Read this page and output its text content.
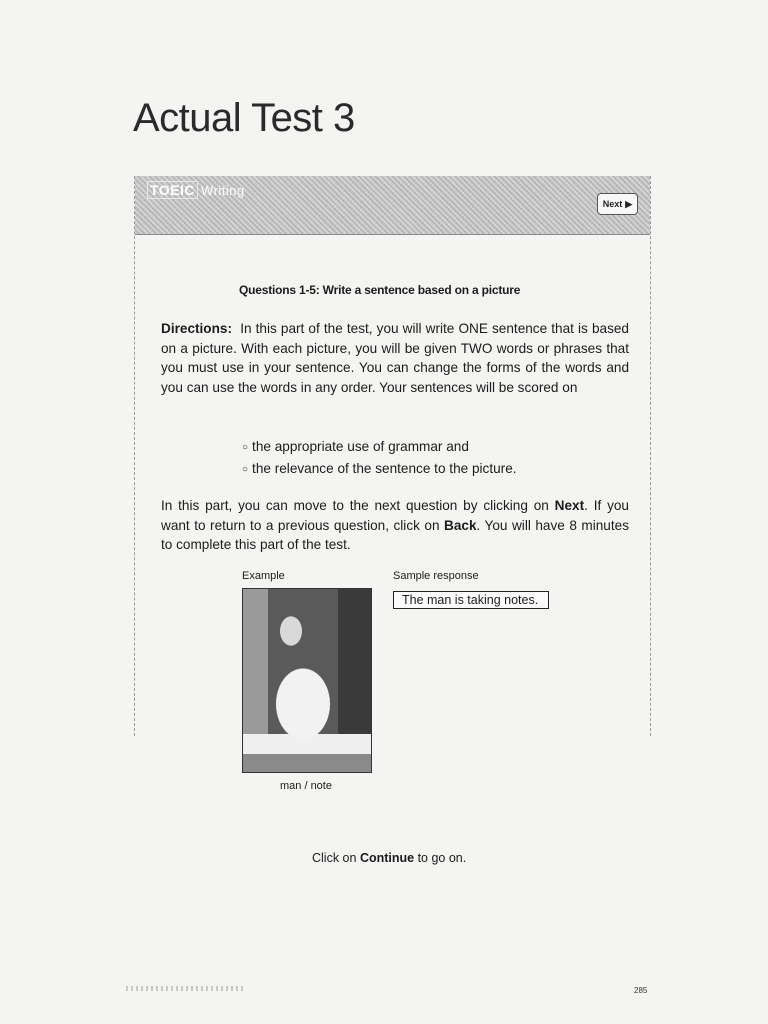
Actual Test 3
TOEIC Writing
Next ▶
Questions 1-5: Write a sentence based on a picture

Directions: In this part of the test, you will write ONE sentence that is based on a picture. With each picture, you will be given TWO words or phrases that you must use in your sentence. You can change the forms of the words and you can use the words in any order. Your sentences will be scored on

○ the appropriate use of grammar and
○ the relevance of the sentence to the picture.

In this part, you can move to the next question by clicking on Next. If you want to return to a previous question, click on Back. You will have 8 minutes to complete this part of the test.

Example	Sample response
man / note
The man is taking notes.
Click on Continue to go on.
285
